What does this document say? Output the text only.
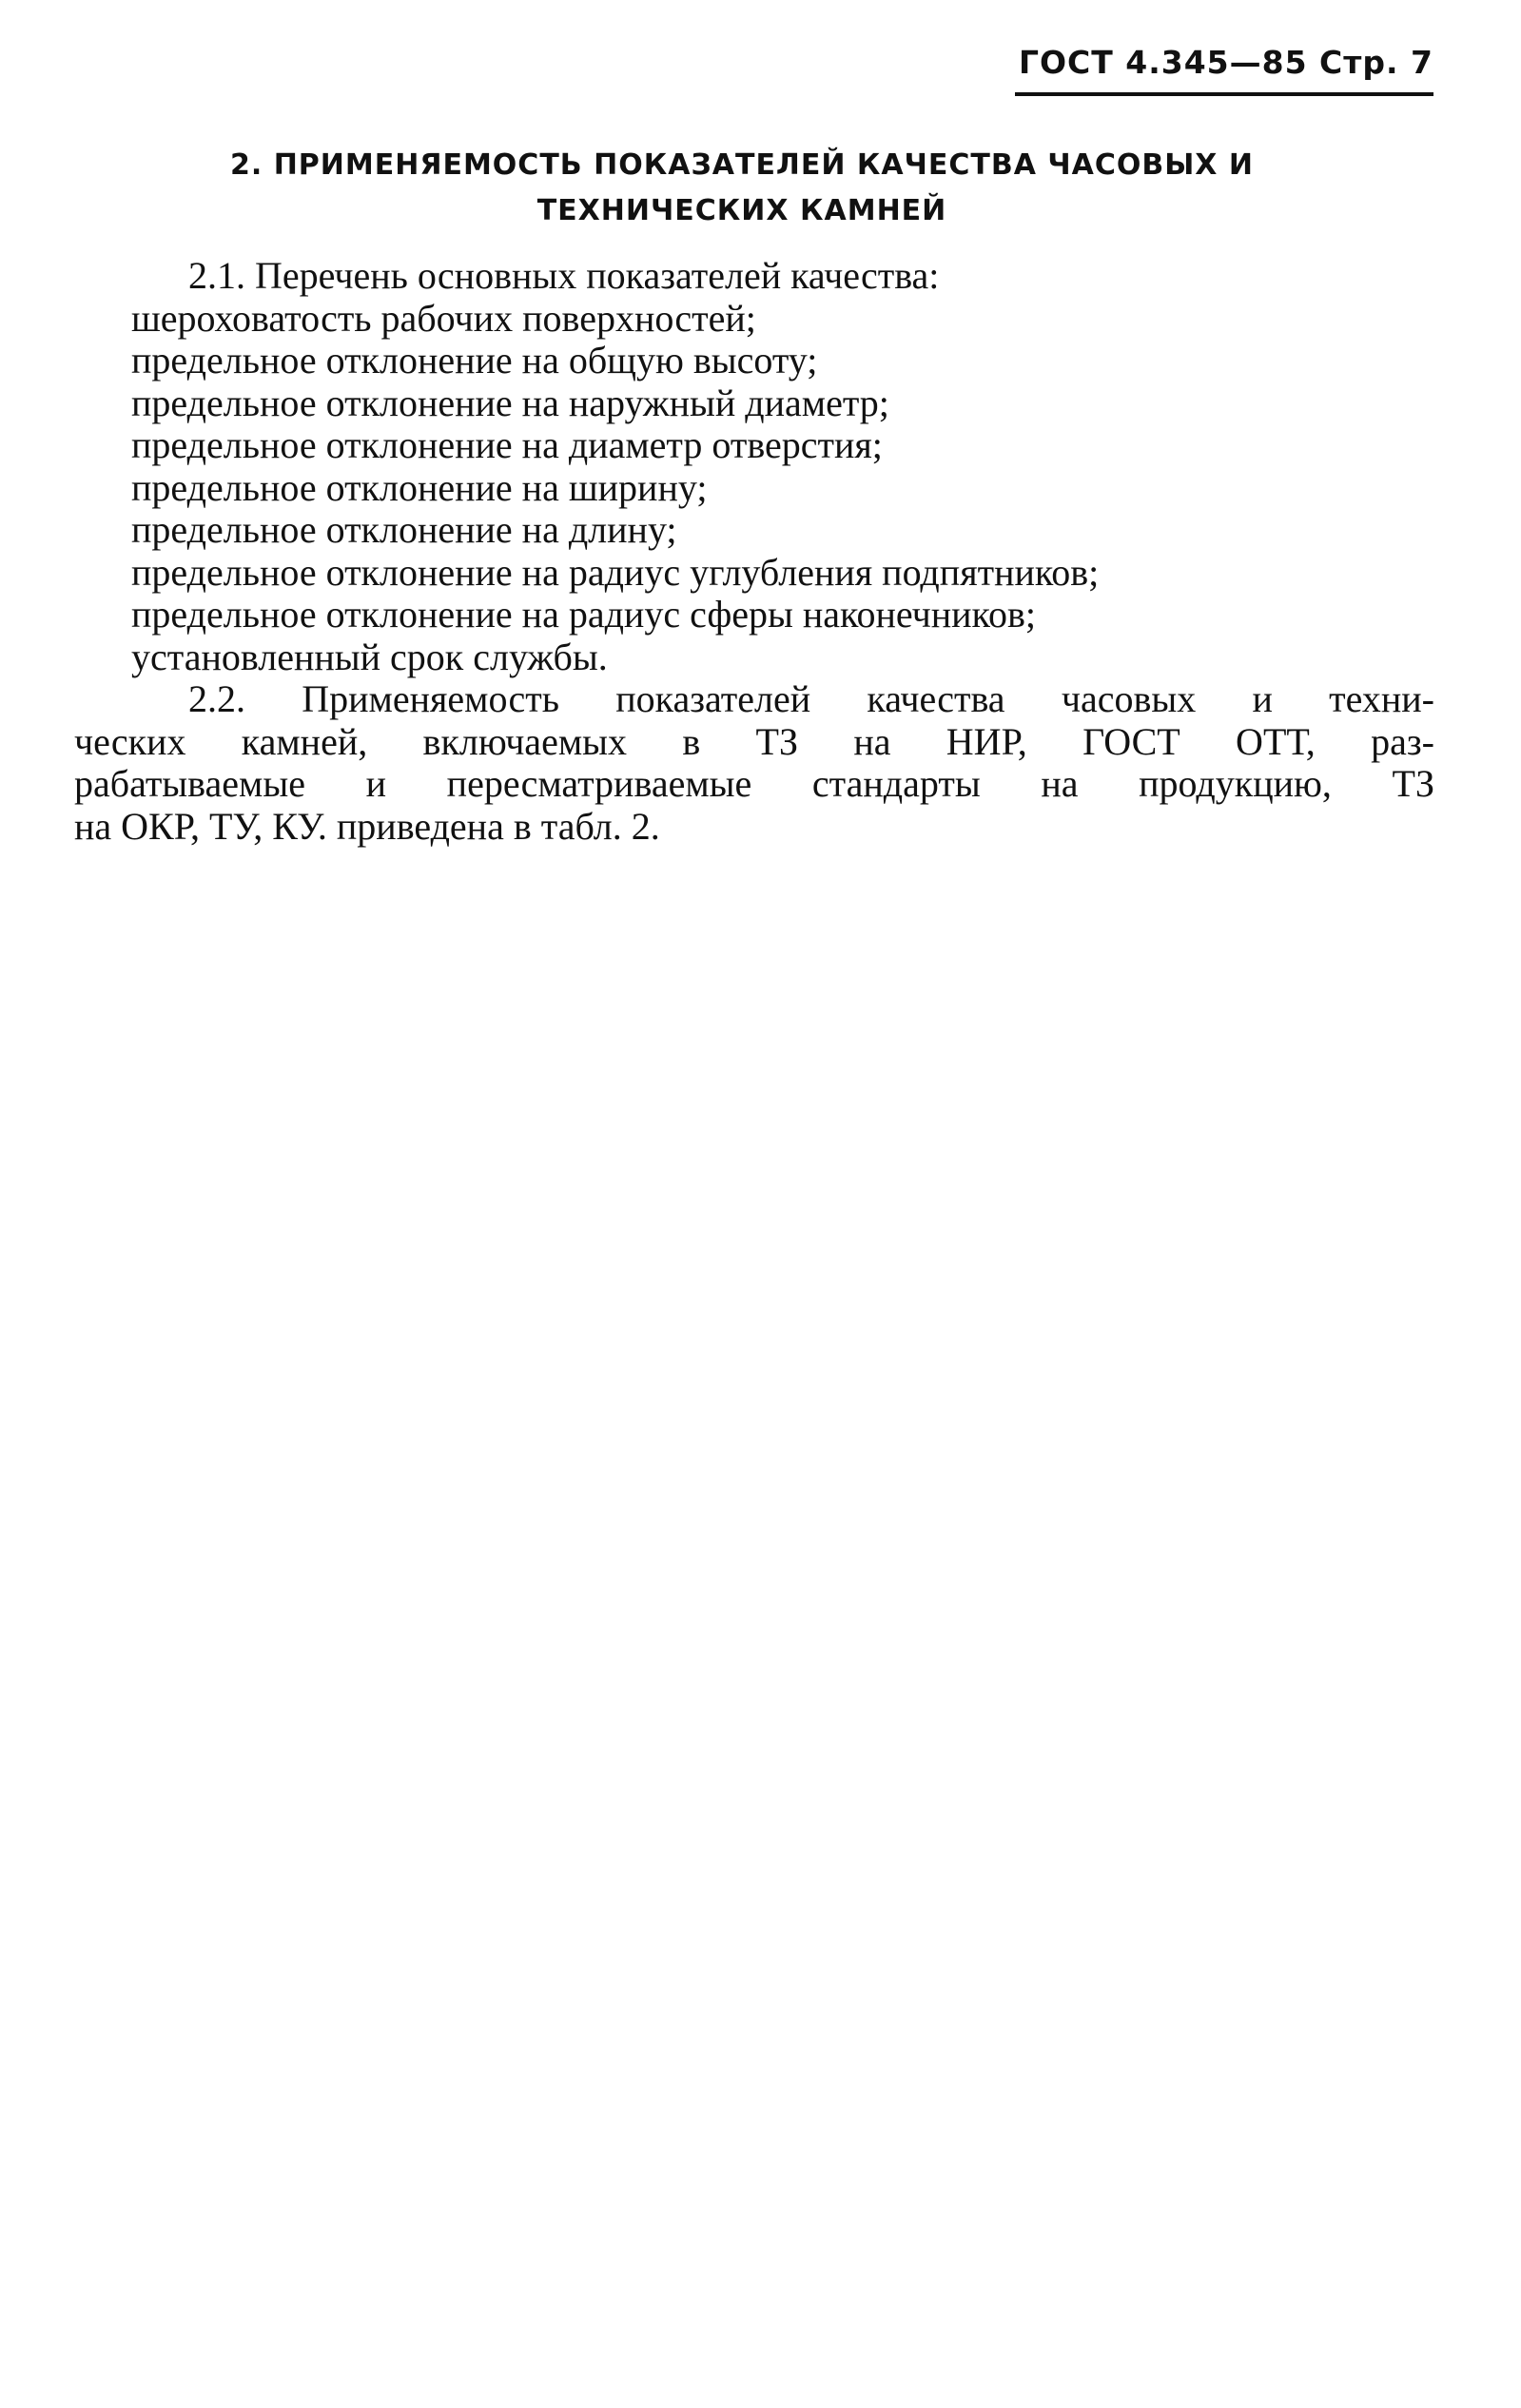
ГОСТ 4.345—85 Стр. 7
2. ПРИМЕНЯЕМОСТЬ ПОКАЗАТЕЛЕЙ КАЧЕСТВА ЧАСОВЫХ И
ТЕХНИЧЕСКИХ КАМНЕЙ
2.1. Перечень основных показателей качества:
шероховатость рабочих поверхностей;
предельное отклонение на общую высоту;
предельное отклонение на наружный диаметр;
предельное отклонение на диаметр отверстия;
предельное отклонение на ширину;
предельное отклонение на длину;
предельное отклонение на радиус углубления подпятников;
предельное отклонение на радиус сферы наконечников;
установленный срок службы.
2.2. Применяемость показателей качества часовых и техни-
ческих камней, включаемых в ТЗ на НИР, ГОСТ ОТТ, раз-
рабатываемые и пересматриваемые стандарты на продукцию, ТЗ
на ОКР, ТУ, КУ. приведена в табл. 2.
